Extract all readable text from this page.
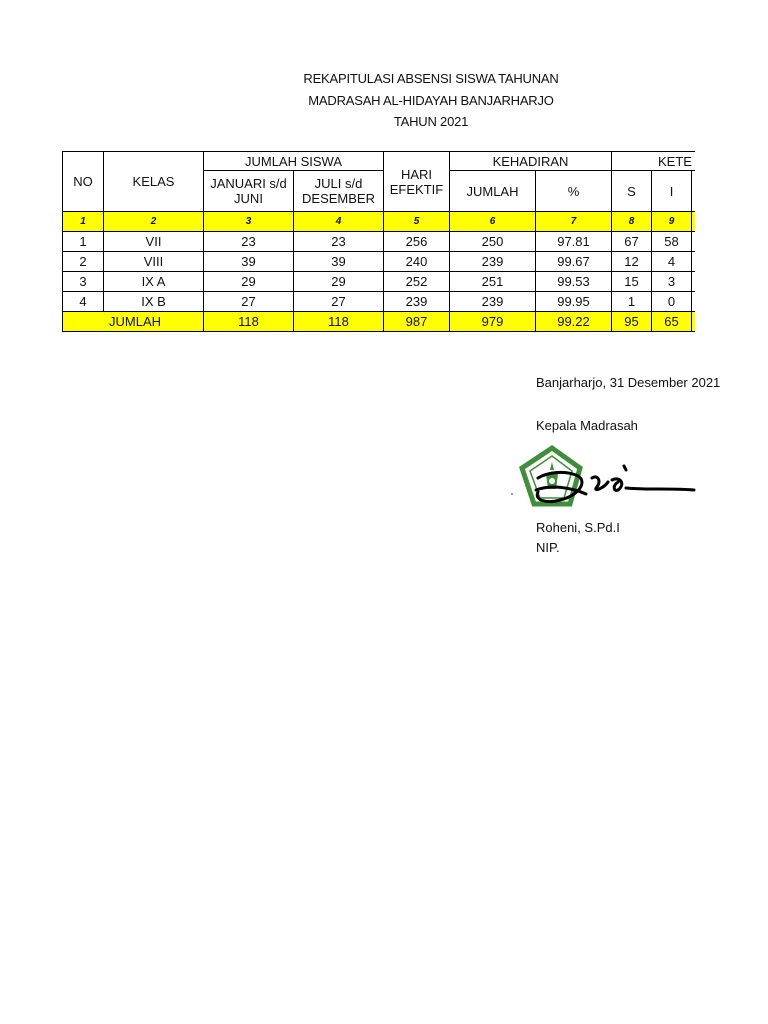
REKAPITULASI ABSENSI SISWA TAHUNAN
MADRASAH AL-HIDAYAH BANJARHARJO
TAHUN 2021
NO	KELAS	JUMLAH SISWA		HARI EFEKTIF	KEHADIRAN		KETE		
		JANUARI s/d JUNI	JULI s/d DESEMBER		JUMLAH	%	S	I	
1	2	3	4	5	6	7	8	9	
1	VII	23	23	256	250	97.81	67	58	
2	VIII	39	39	240	239	99.67	12	4	
3	IX A	29	29	252	251	99.53	15	3	
4	IX B	27	27	239	239	99.95	1	0	
JUMLAH		118	118	987	979	99.22	95	65	
Banjarharjo, 31 Desember 2021
Kepala Madrasah
Roheni, S.Pd.I
NIP.
